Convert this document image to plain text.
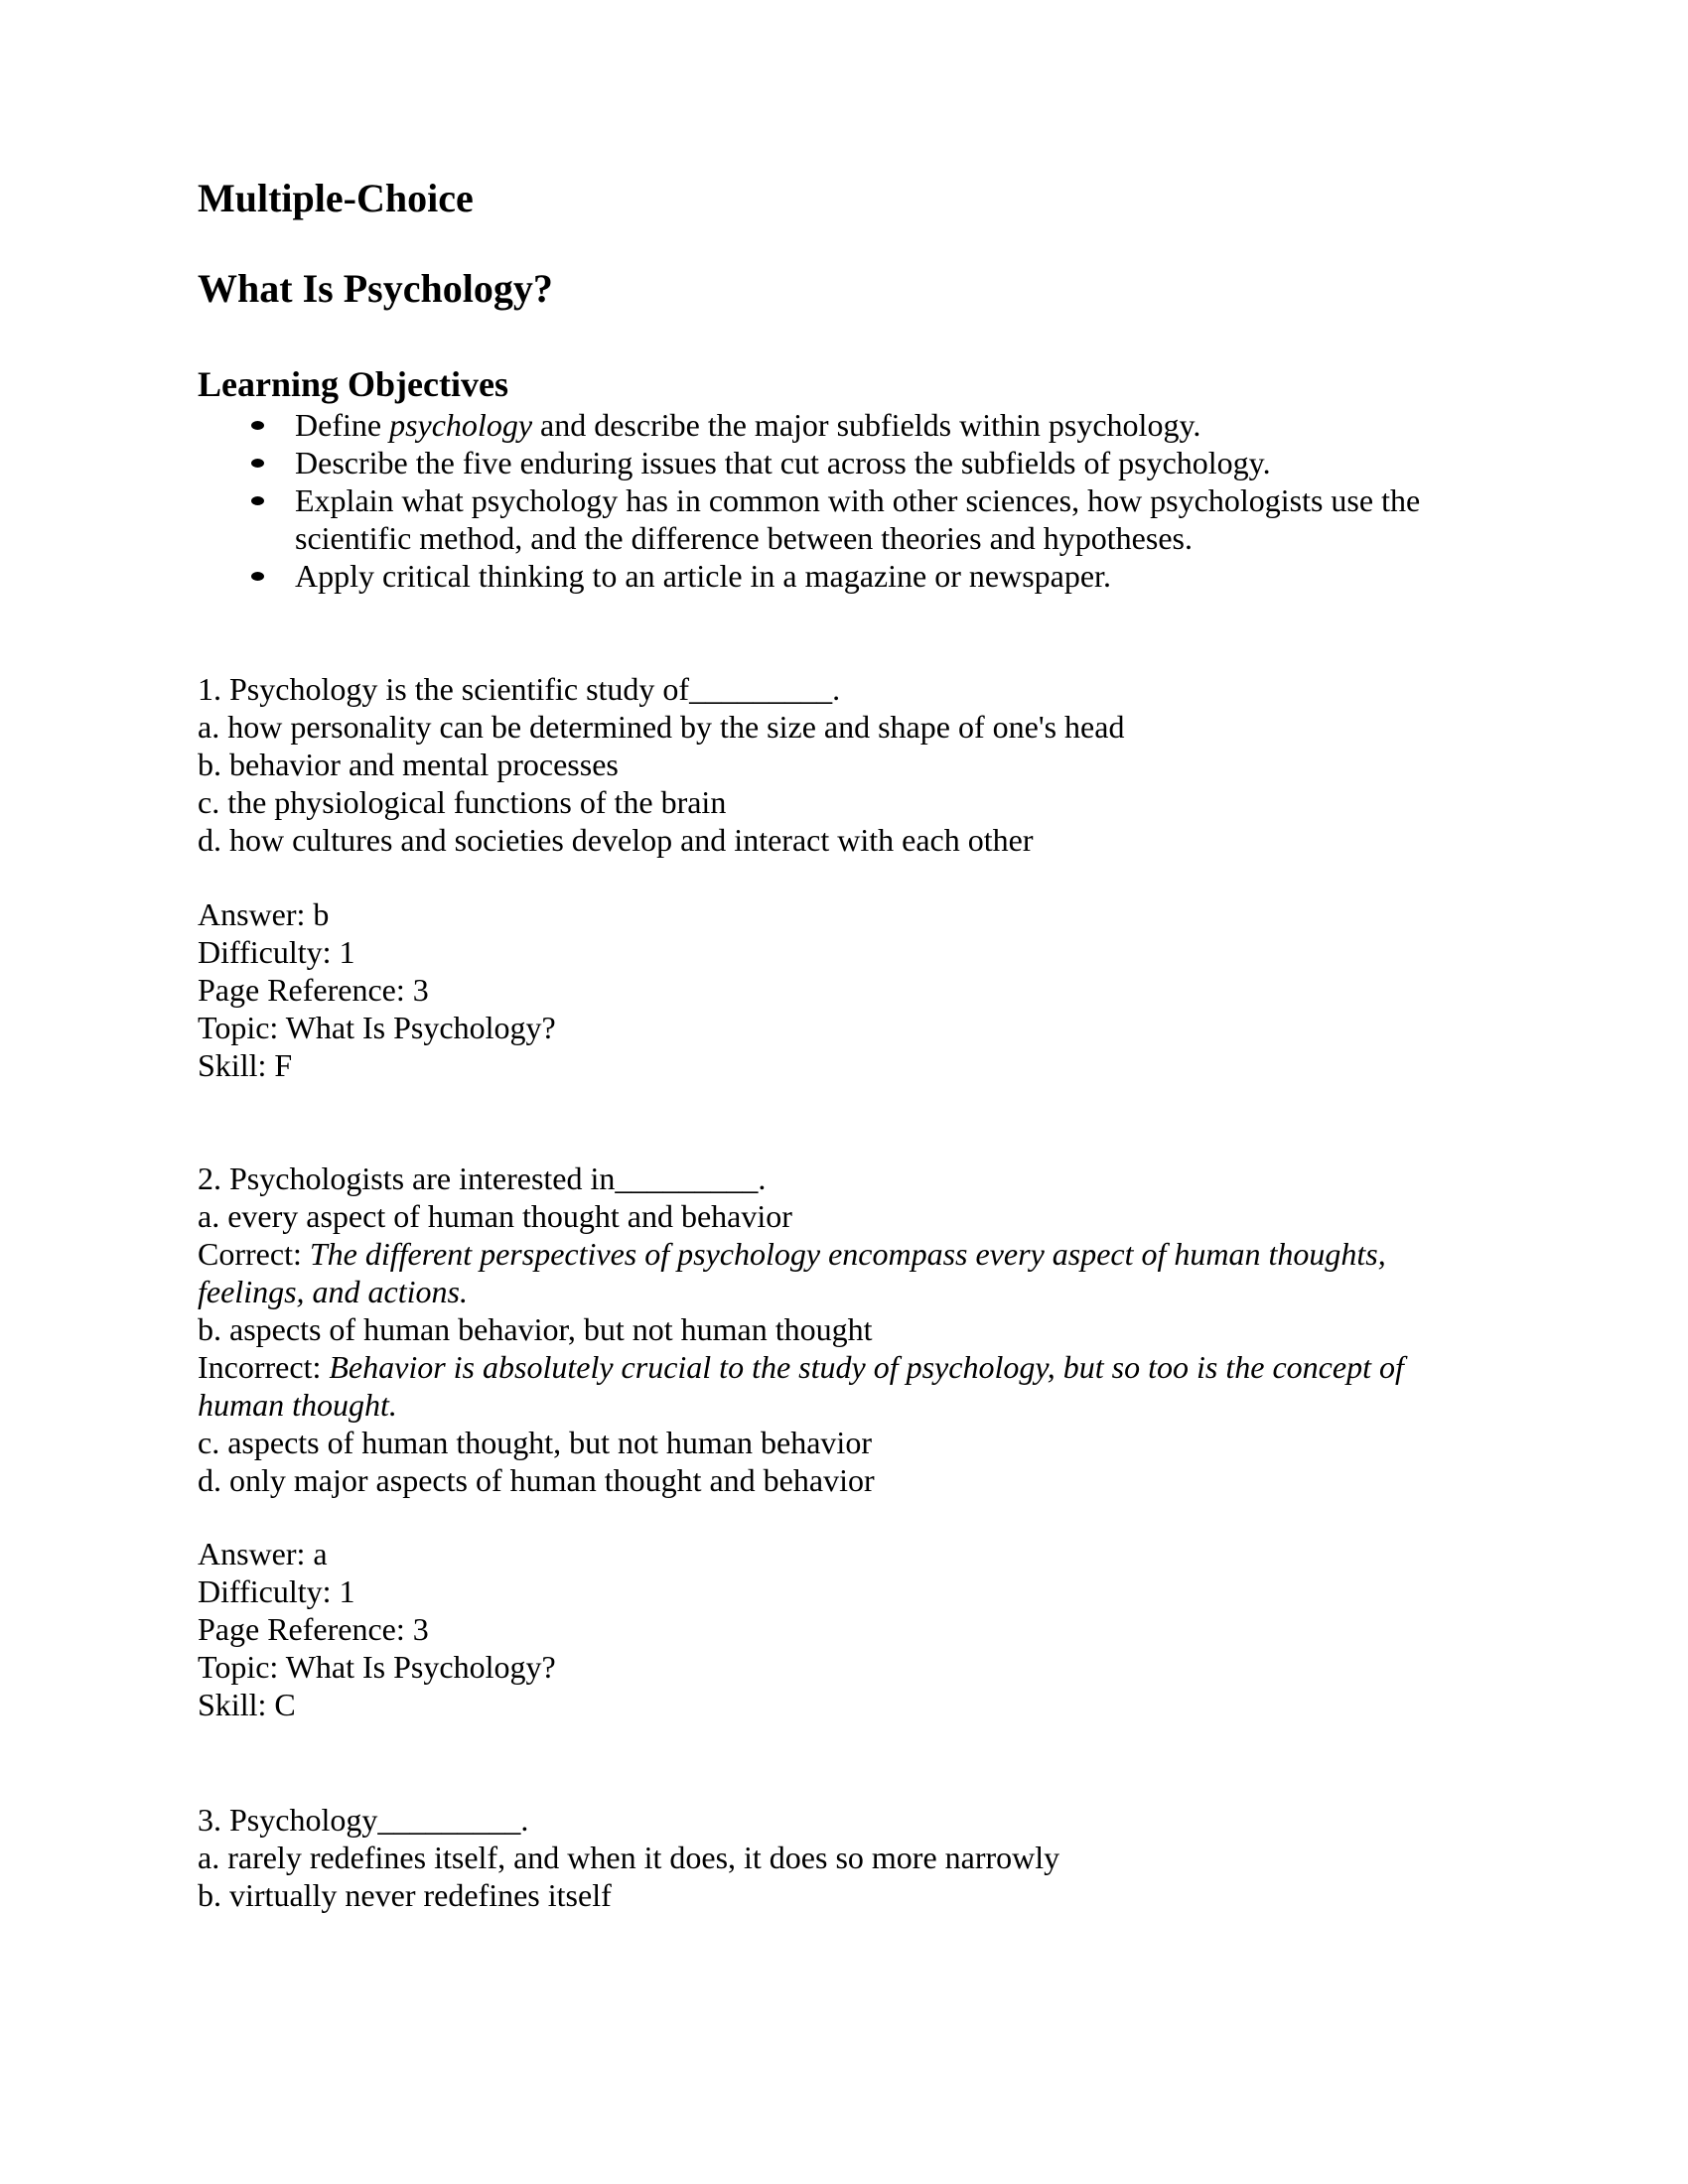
Multiple-Choice
What Is Psychology?
Learning Objectives
Define psychology and describe the major subfields within psychology.
Describe the five enduring issues that cut across the subfields of psychology.
Explain what psychology has in common with other sciences, how psychologists use the scientific method, and the difference between theories and hypotheses.
Apply critical thinking to an article in a magazine or newspaper.
1. Psychology is the scientific study of_________.
a. how personality can be determined by the size and shape of one's head
b. behavior and mental processes
c. the physiological functions of the brain
d. how cultures and societies develop and interact with each other
Answer: b
Difficulty: 1
Page Reference: 3
Topic: What Is Psychology?
Skill: F
2. Psychologists are interested in_________.
a. every aspect of human thought and behavior
Correct: The different perspectives of psychology encompass every aspect of human thoughts, feelings, and actions.
b. aspects of human behavior, but not human thought
Incorrect: Behavior is absolutely crucial to the study of psychology, but so too is the concept of human thought.
c. aspects of human thought, but not human behavior
d. only major aspects of human thought and behavior
Answer: a
Difficulty: 1
Page Reference: 3
Topic: What Is Psychology?
Skill: C
3. Psychology_________.
a. rarely redefines itself, and when it does, it does so more narrowly
b. virtually never redefines itself
